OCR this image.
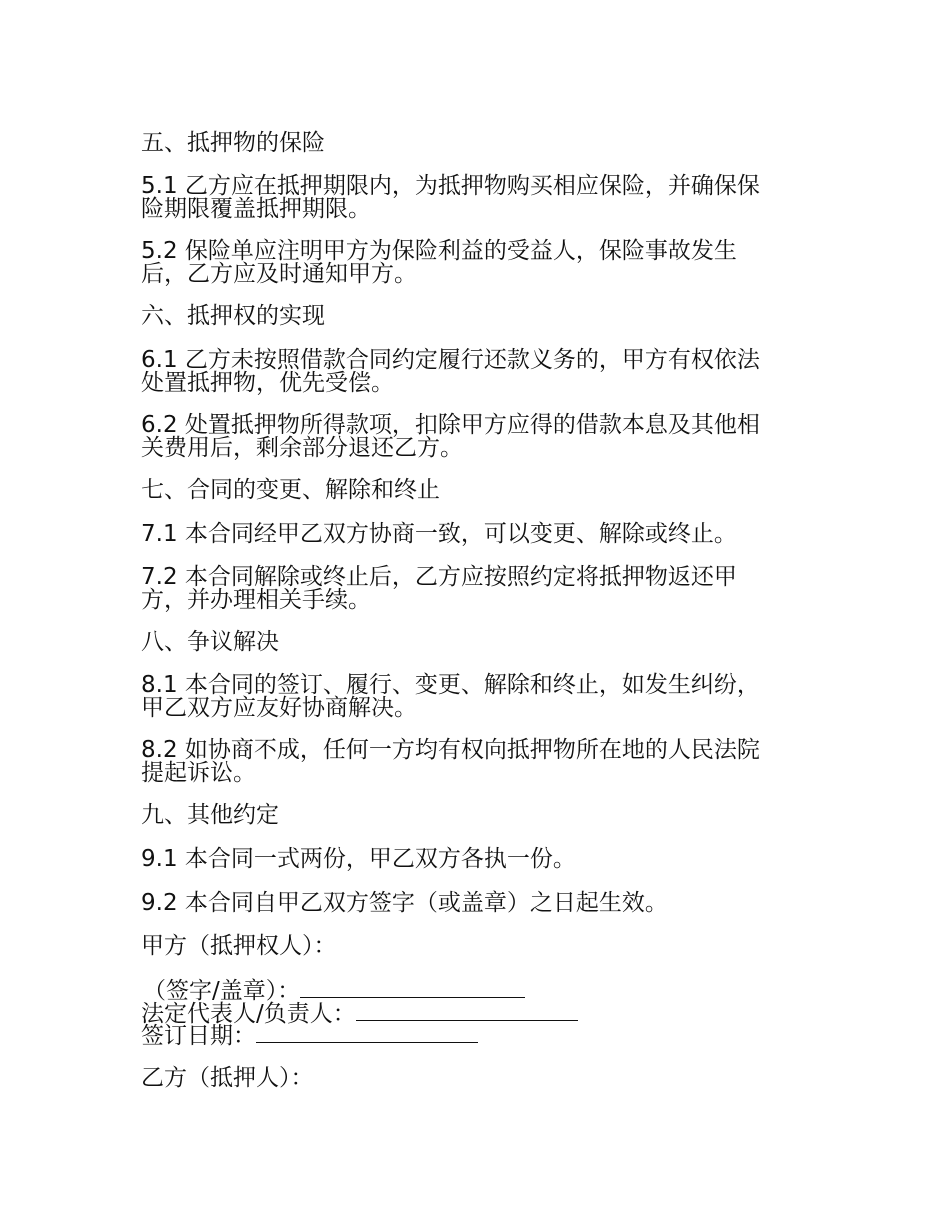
五、抵押物的保险
5.1 乙方应在抵押期限内，为抵押物购买相应保险，并确保保
险期限覆盖抵押期限。
5.2 保险单应注明甲方为保险利益的受益人，保险事故发生
后，乙方应及时通知甲方。
六、抵押权的实现
6.1 乙方未按照借款合同约定履行还款义务的，甲方有权依法
处置抵押物，优先受偿。
6.2 处置抵押物所得款项，扣除甲方应得的借款本息及其他相
关费用后，剩余部分退还乙方。
七、合同的变更、解除和终止
7.1 本合同经甲乙双方协商一致，可以变更、解除或终止。
7.2 本合同解除或终止后，乙方应按照约定将抵押物返还甲
方，并办理相关手续。
八、争议解决
8.1 本合同的签订、履行、变更、解除和终止，如发生纠纷，
甲乙双方应友好协商解决。
8.2 如协商不成，任何一方均有权向抵押物所在地的人民法院
提起诉讼。
九、其他约定
9.1 本合同一式两份，甲乙双方各执一份。
9.2 本合同自甲乙双方签字（或盖章）之日起生效。
甲方（抵押权人）：
（签字/盖章）：
法定代表人/负责人：
签订日期：
乙方（抵押人）：
